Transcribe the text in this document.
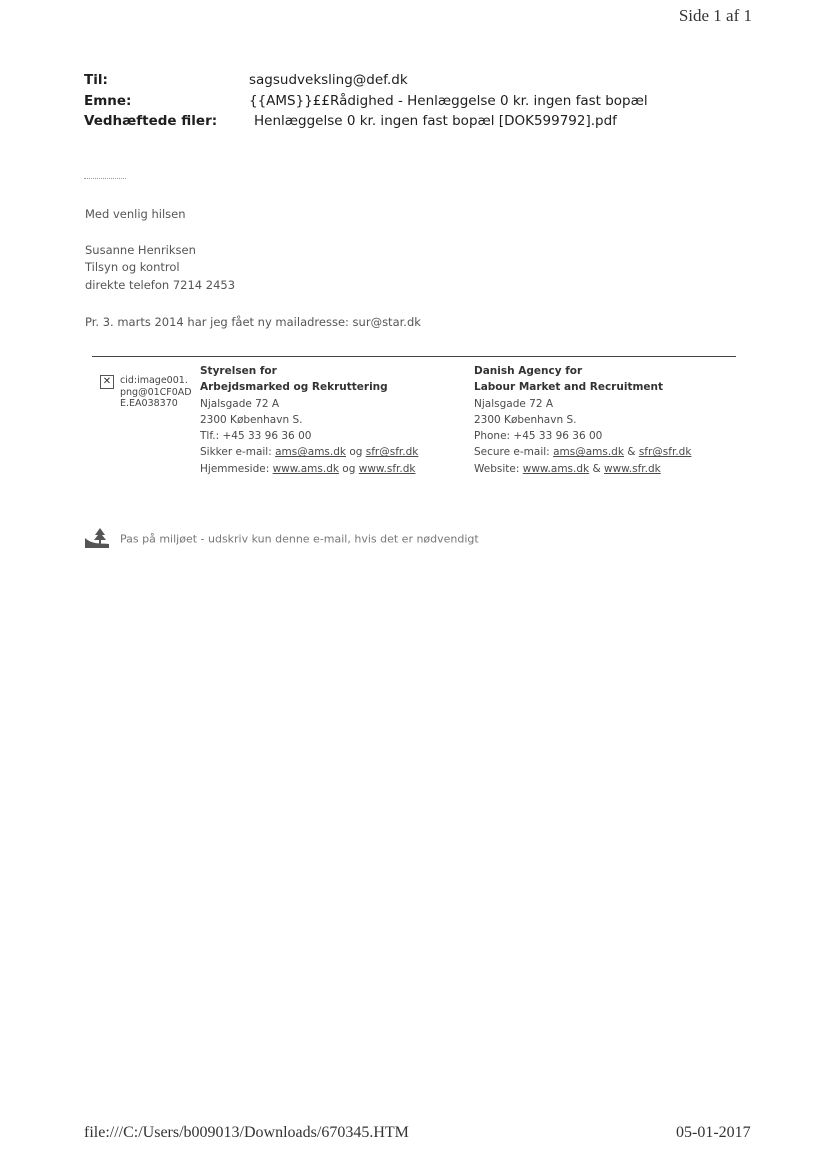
Side 1 af 1
Til:	sagsudveksling@def.dk
Emne:	{{AMS}}££Rådighed - Henlæggelse 0 kr. ingen fast bopæl
Vedhæftede filer:	Henlæggelse 0 kr. ingen fast bopæl [DOK599792].pdf
Med venlig hilsen
Susanne Henriksen
Tilsyn og kontrol
direkte telefon 7214 2453
Pr. 3. marts 2014 har jeg fået ny mailadresse: sur@star.dk
✕ cid:image001.png@01CF0ADE.EA038370
Styrelsen for
Arbejdsmarked og Rekruttering
Njalsgade 72 A
2300 København S.
Tlf.: +45 33 96 36 00
Sikker e-mail: ams@ams.dk og sfr@sfr.dk
Hjemmeside: www.ams.dk og www.sfr.dk
Danish Agency for
Labour Market and Recruitment
Njalsgade 72 A
2300 København S.
Phone: +45 33 96 36 00
Secure e-mail: ams@ams.dk & sfr@sfr.dk
Website: www.ams.dk & www.sfr.dk
Pas på miljøet - udskriv kun denne e-mail, hvis det er nødvendigt
file:///C:/Users/b009013/Downloads/670345.HTM	05-01-2017
